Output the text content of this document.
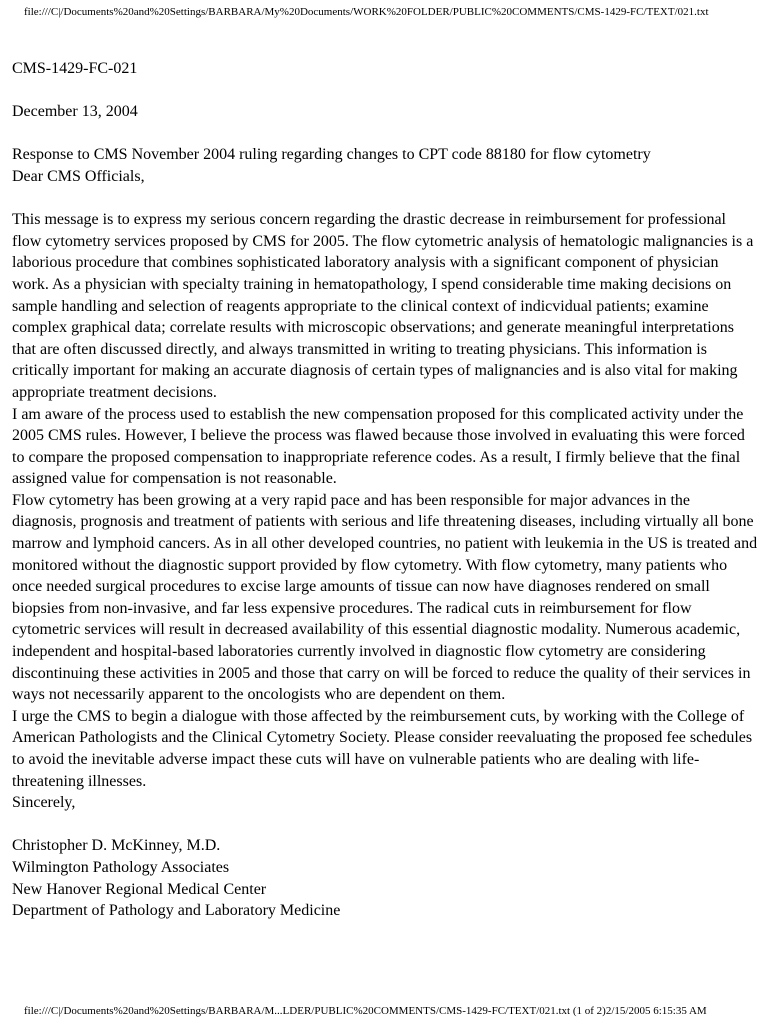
file:///C|/Documents%20and%20Settings/BARBARA/My%20Documents/WORK%20FOLDER/PUBLIC%20COMMENTS/CMS-1429-FC/TEXT/021.txt

CMS-1429-FC-021

December 13, 2004

Response to CMS November 2004 ruling regarding changes to CPT code 88180 for flow cytometry

Dear CMS Officials,

This message is to express my serious concern regarding the drastic decrease in reimbursement for professional flow cytometry services proposed by CMS for 2005. The flow cytometric analysis of hematologic malignancies is a laborious procedure that combines sophisticated laboratory analysis with a significant component of physician work. As a physician with specialty training in hematopathology, I spend considerable time making decisions on sample handling and selection of reagents appropriate to the clinical context of indicvidual patients; examine complex graphical data; correlate results with microscopic observations; and generate meaningful interpretations that are often discussed directly, and always transmitted in writing to treating physicians. This information is critically important for making an accurate diagnosis of certain types of malignancies and is also vital for making appropriate treatment decisions.

I am aware of the process used to establish the new compensation proposed for this complicated activity under the 2005 CMS rules. However, I believe the process was flawed because those involved in evaluating this were forced to compare the proposed compensation to inappropriate reference codes. As a result, I firmly believe that the final assigned value for compensation is not reasonable.

Flow cytometry has been growing at a very rapid pace and has been responsible for major advances in the diagnosis, prognosis and treatment of patients with serious and life threatening diseases, including virtually all bone marrow and lymphoid cancers. As in all other developed countries, no patient with leukemia in the US is treated and monitored without the diagnostic support provided by flow cytometry. With flow cytometry, many patients who once needed surgical procedures to excise large amounts of tissue can now have diagnoses rendered on small biopsies from non-invasive, and far less expensive procedures. The radical cuts in reimbursement for flow cytometric services will result in decreased availability of this essential diagnostic modality. Numerous academic, independent and hospital-based laboratories currently involved in diagnostic flow cytometry are considering discontinuing these activities in 2005 and those that carry on will be forced to reduce the quality of their services in ways not necessarily apparent to the oncologists who are dependent on them.

I urge the CMS to begin a dialogue with those affected by the reimbursement cuts, by working with the College of American Pathologists and the Clinical Cytometry Society. Please consider reevaluating the proposed fee schedules to avoid the inevitable adverse impact these cuts will have on vulnerable patients who are dealing with life-threatening illnesses.

Sincerely,

Christopher D. McKinney, M.D.

Wilmington Pathology Associates

New Hanover Regional Medical Center

Department of Pathology and Laboratory Medicine

file:///C|/Documents%20and%20Settings/BARBARA/M...LDER/PUBLIC%20COMMENTS/CMS-1429-FC/TEXT/021.txt (1 of 2)2/15/2005 6:15:35 AM
